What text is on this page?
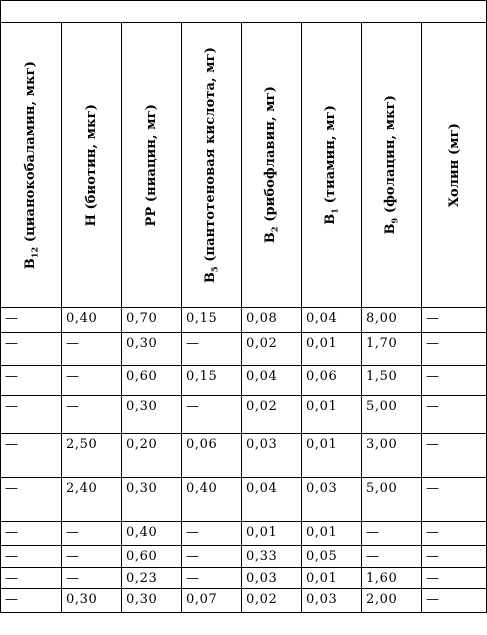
$B_{12}$ (цианокобаламин, мкг)	H (биотин, мкг)	PP (ниацин, мг)	$B_5$ (пантотеновая кислота, мг)	$B_2$ (рибофлавин, мг)	$B_1$ (тиамин, мг)	$B_9$ (фолацин, мкг)	Холин (мг)

—	0,40	0,70	0,15	0,08	0,04	8,00	—

—	—	0,30	—	0,02	0,01	1,70	—

—	—	0,60	0,15	0,04	0,06	1,50	—

—	—	0,30	—	0,02	0,01	5,00	—

—	2,50	0,20	0,06	0,03	0,01	3,00	—

—	2,40	0,30	0,40	0,04	0,03	5,00	—

—	—	0,40	—	0,01	0,01	—	—

—	—	0,60	—	0,33	0,05	—	—

—	—	0,23	—	0,03	0,01	1,60	—

—	0,30	0,30	0,07	0,02	0,03	2,00	—
